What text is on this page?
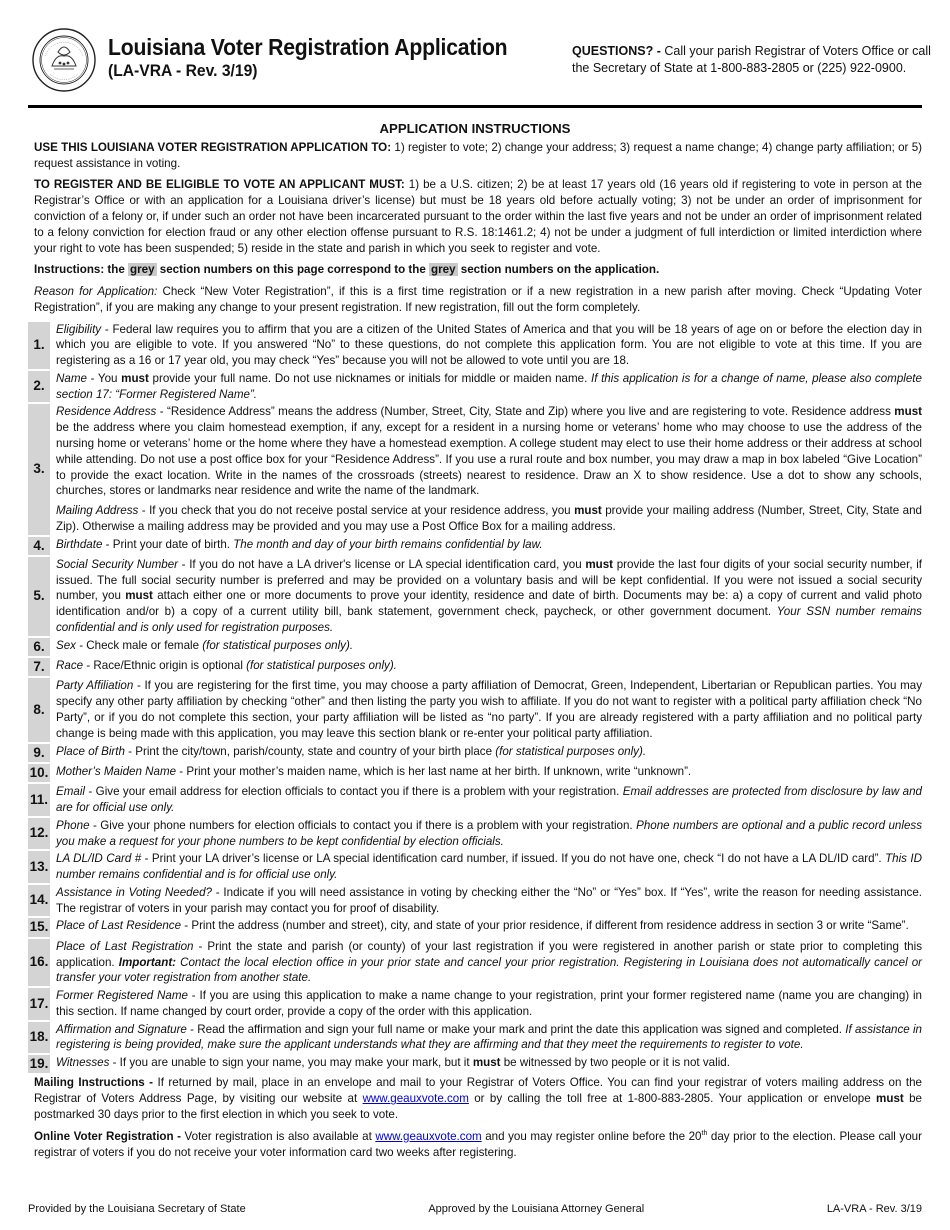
Louisiana Voter Registration Application
(LA-VRA - Rev. 3/19)
QUESTIONS? - Call your parish Registrar of Voters Office or call the Secretary of State at 1-800-883-2805 or (225) 922-0900.
APPLICATION INSTRUCTIONS

USE THIS LOUISIANA VOTER REGISTRATION APPLICATION TO: 1) register to vote; 2) change your address; 3) request a name change; 4) change party affiliation; or 5) request assistance in voting.

TO REGISTER AND BE ELIGIBLE TO VOTE AN APPLICANT MUST: 1) be a U.S. citizen; 2) be at least 17 years old (16 years old if registering to vote in person at the Registrar’s Office or with an application for a Louisiana driver’s license) but must be 18 years old before actually voting; 3) not be under an order of imprisonment for conviction of a felony or, if under such an order not have been incarcerated pursuant to the order within the last five years and not be under an order of imprisonment related to a felony conviction for election fraud or any other election offense pursuant to R.S. 18:1461.2; 4) not be under a judgment of full interdiction or limited interdiction where your right to vote has been suspended; 5) reside in the state and parish in which you seek to register and vote.

Instructions: the grey section numbers on this page correspond to the grey section numbers on the application.

Reason for Application: Check “New Voter Registration”, if this is a first time registration or if a new registration in a new parish after moving. Check “Updating Voter Registration”, if you are making any change to your present registration. If new registration, fill out the form completely.

1.
Eligibility - Federal law requires you to affirm that you are a citizen of the United States of America and that you will be 18 years of age on or before the election day in which you are eligible to vote. If you answered “No” to these questions, do not complete this application form. You are not eligible to vote at this time. If you are registering as a 16 or 17 year old, you may check “Yes” because you will not be allowed to vote until you are 18.
2.
Name - You must provide your full name. Do not use nicknames or initials for middle or maiden name. If this application is for a change of name, please also complete section 17: “Former Registered Name”.
3.

Residence Address - “Residence Address” means the address (Number, Street, City, State and Zip) where you live and are registering to vote. Residence address must be the address where you claim homestead exemption, if any, except for a resident in a nursing home or veterans’ home who may choose to use the address of the nursing home or veterans’ home or the home where they have a homestead exemption. A college student may elect to use their home address or their address at school while attending. Do not use a post office box for your “Residence Address”. If you use a rural route and box number, you may draw a map in box labeled “Give Location” to provide the exact location. Write in the names of the crossroads (streets) nearest to residence. Draw an X to show residence. Use a dot to show any schools, churches, stores or landmarks near residence and write the name of the landmark.

Mailing Address - If you check that you do not receive postal service at your residence address, you must provide your mailing address (Number, Street, City, State and Zip). Otherwise a mailing address may be provided and you may use a Post Office Box for a mailing address.

4. Birthdate - Print your date of birth. The month and day of your birth remains confidential by law.
5.
Social Security Number - If you do not have a LA driver's license or LA special identification card, you must provide the last four digits of your social security number, if issued. The full social security number is preferred and may be provided on a voluntary basis and will be kept confidential. If you were not issued a social security number, you must attach either one or more documents to prove your identity, residence and date of birth. Documents may be: a) a copy of current and valid photo identification and/or b) a copy of a current utility bill, bank statement, government check, paycheck, or other government document. Your SSN number remains confidential and is only used for registration purposes.
6. Sex - Check male or female (for statistical purposes only).
7. Race - Race/Ethnic origin is optional (for statistical purposes only).
8.
Party Affiliation - If you are registering for the first time, you may choose a party affiliation of Democrat, Green, Independent, Libertarian or Republican parties. You may specify any other party affiliation by checking “other” and then listing the party you wish to affiliate. If you do not want to register with a political party affiliation check “No Party”, or if you do not complete this section, your party affiliation will be listed as “no party”. If you are already registered with a party affiliation and no political party change is being made with this application, you may leave this section blank or re-enter your political party affiliation.
9. Place of Birth - Print the city/town, parish/county, state and country of your birth place (for statistical purposes only).
10. Mother’s Maiden Name - Print your mother’s maiden name, which is her last name at her birth. If unknown, write “unknown”.
11.
Email - Give your email address for election officials to contact you if there is a problem with your registration. Email addresses are protected from disclosure by law and are for official use only.
12.
Phone - Give your phone numbers for election officials to contact you if there is a problem with your registration. Phone numbers are optional and a public record unless you make a request for your phone numbers to be kept confidential by election officials.
13.
LA DL/ID Card # - Print your LA driver’s license or LA special identification card number, if issued. If you do not have one, check “I do not have a LA DL/ID card”. This ID number remains confidential and is for official use only.
14.
Assistance in Voting Needed? - Indicate if you will need assistance in voting by checking either the “No” or “Yes” box. If “Yes”, write the reason for needing assistance. The registrar of voters in your parish may contact you for proof of disability.
15. Place of Last Residence - Print the address (number and street), city, and state of your prior residence, if different from residence address in section 3 or write “Same”.
16.
Place of Last Registration - Print the state and parish (or county) of your last registration if you were registered in another parish or state prior to completing this application. Important: Contact the local election office in your prior state and cancel your prior registration. Registering in Louisiana does not automatically cancel or transfer your voter registration from another state.
17.
Former Registered Name - If you are using this application to make a name change to your registration, print your former registered name (name you are changing) in this section. If name changed by court order, provide a copy of the order with this application.
18.
Affirmation and Signature - Read the affirmation and sign your full name or make your mark and print the date this application was signed and completed. If assistance in registering is being provided, make sure the applicant understands what they are affirming and that they meet the requirements to register to vote.
19. Witnesses - If you are unable to sign your name, you may make your mark, but it must be witnessed by two people or it is not valid.

Mailing Instructions - If returned by mail, place in an envelope and mail to your Registrar of Voters Office. You can find your registrar of voters mailing address on the Registrar of Voters Address Page, by visiting our website at www.geauxvote.com or by calling the toll free at 1-800-883-2805. Your application or envelope must be postmarked 30 days prior to the first election in which you seek to vote.

Online Voter Registration - Voter registration is also available at www.geauxvote.com and you may register online before the 20th day prior to the election. Please call your registrar of voters if you do not receive your voter information card two weeks after registering.

Provided by the Louisiana Secretary of State	Approved by the Louisiana Attorney General	LA-VRA - Rev. 3/19
